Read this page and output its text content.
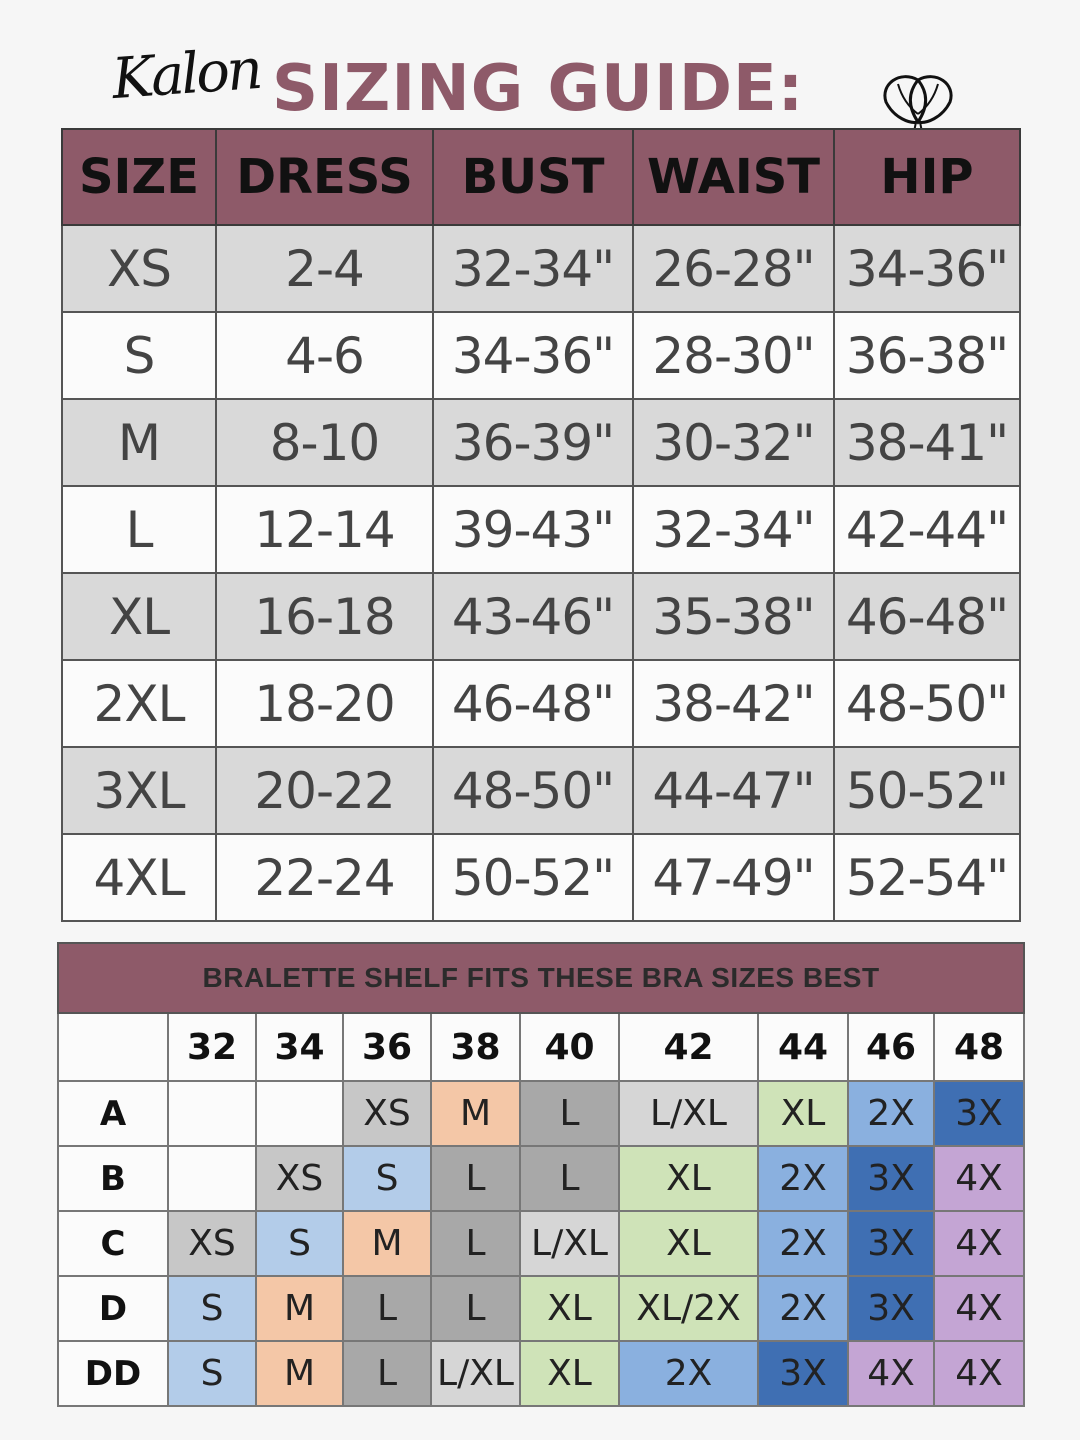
Kalon SIZING GUIDE:
SIZE	DRESS	BUST	WAIST	HIP
XS	2-4	32-34"	26-28"	34-36"
S	4-6	34-36"	28-30"	36-38"
M	8-10	36-39"	30-32"	38-41"
L	12-14	39-43"	32-34"	42-44"
XL	16-18	43-46"	35-38"	46-48"
2XL	18-20	46-48"	38-42"	48-50"
3XL	20-22	48-50"	44-47"	50-52"
4XL	22-24	50-52"	47-49"	52-54"
BRALETTE SHELF FITS THESE BRA SIZES BEST									
	32	34	36	38	40	42	44	46	48
A			XS	M	L	L/XL	XL	2X	3X
B		XS	S	L	L	XL	2X	3X	4X
C	XS	S	M	L	L/XL	XL	2X	3X	4X
D	S	M	L	L	XL	XL/2X	2X	3X	4X
DD	S	M	L	L/XL	XL	2X	3X	4X	4X
